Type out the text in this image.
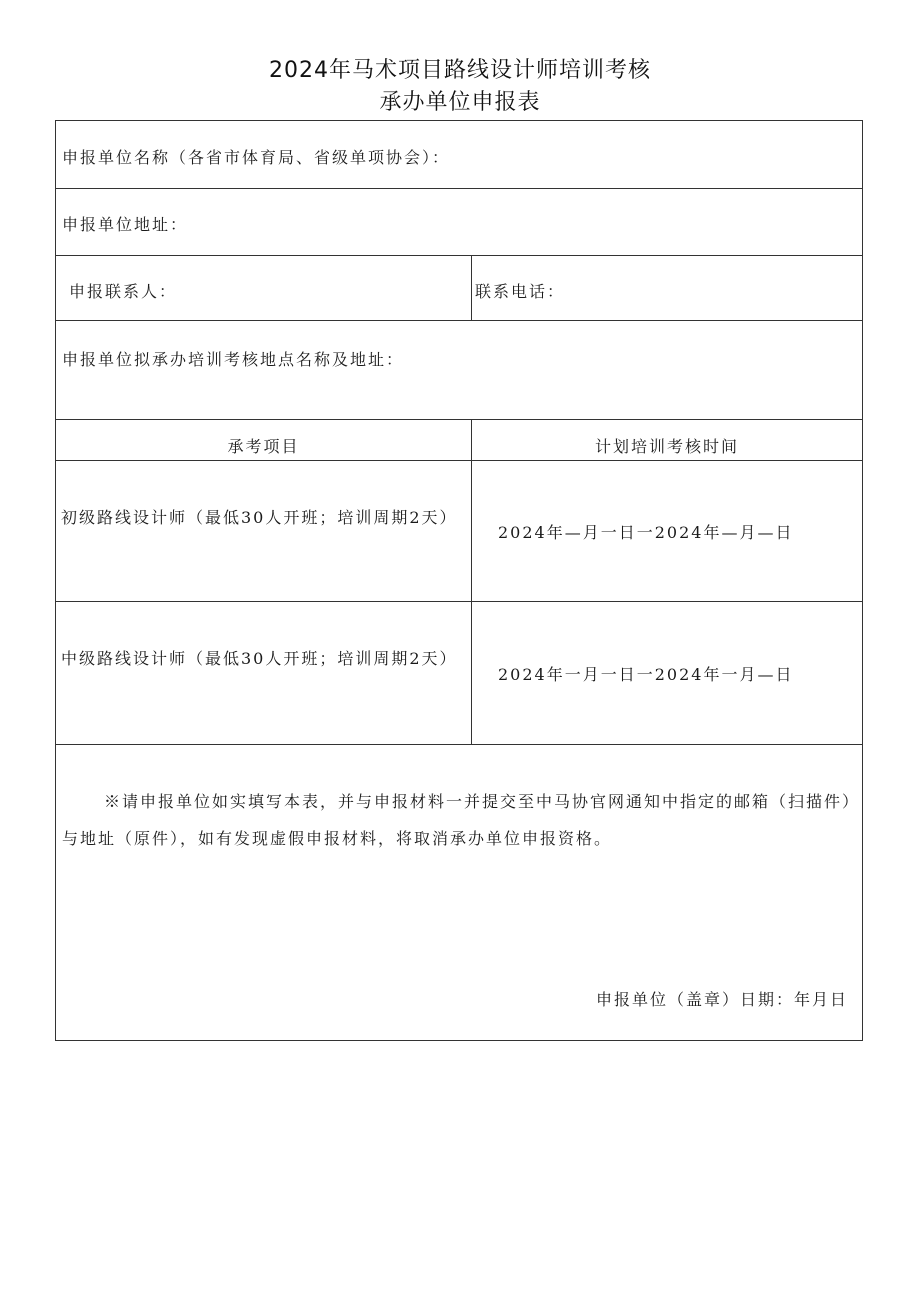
2024年马术项目路线设计师培训考核
承办单位申报表
申报单位名称（各省市体育局、省级单项协会）：
申报单位地址：
申报联系人：	联系电话：
申报单位拟承办培训考核地点名称及地址：
承考项目	计划培训考核时间
初级路线设计师（最低30人开班；培训周期2天）
2024年—月一日一2024年—月—日
中级路线设计师（最低30人开班；培训周期2天）
2024年一月一日一2024年一月—日
※请申报单位如实填写本表，并与申报材料一并提交至中马协官网通知中指定的邮箱（扫描件）与地址（原件），如有发现虚假申报材料，将取消承办单位申报资格。
申报单位（盖章）日期：年月日
